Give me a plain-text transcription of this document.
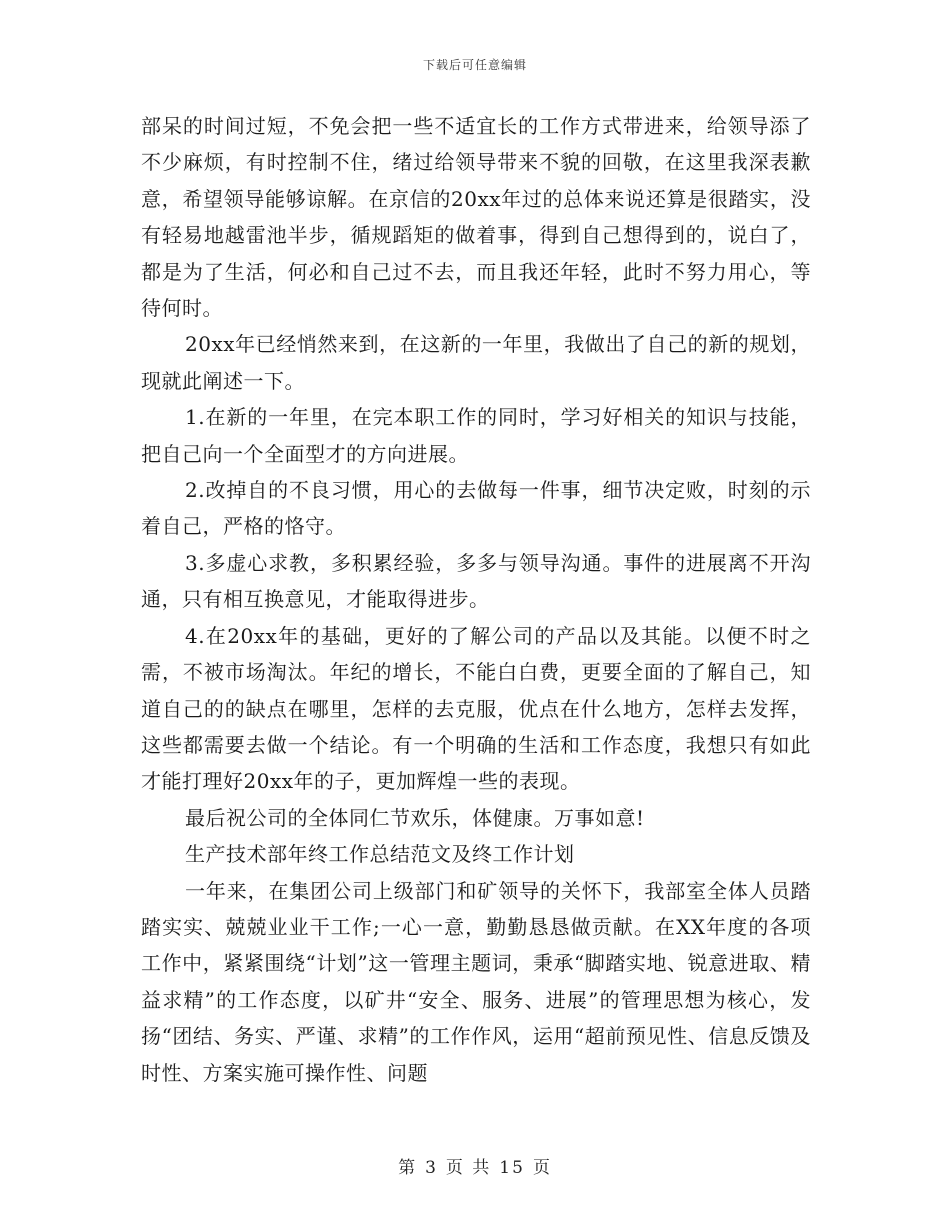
下载后可任意编辑

部呆的时间过短，不免会把一些不适宜长的工作方式带进来，给领导添了不少麻烦，有时控制不住，绪过给领导带来不貌的回敬，在这里我深表歉意，希望领导能够谅解。在京信的20xx年过的总体来说还算是很踏实，没有轻易地越雷池半步，循规蹈矩的做着事，得到自己想得到的，说白了，都是为了生活，何必和自己过不去，而且我还年轻，此时不努力用心，等待何时。

20xx年已经悄然来到，在这新的一年里，我做出了自己的新的规划，现就此阐述一下。

1.在新的一年里，在完本职工作的同时，学习好相关的知识与技能，把自己向一个全面型才的方向进展。

2.改掉自的不良习惯，用心的去做每一件事，细节决定败，时刻的示着自己，严格的恪守。

3.多虚心求教，多积累经验，多多与领导沟通。事件的进展离不开沟通，只有相互换意见，才能取得进步。

4.在20xx年的基础，更好的了解公司的产品以及其能。以便不时之需，不被市场淘汰。年纪的增长，不能白白费，更要全面的了解自己，知道自己的的缺点在哪里，怎样的去克服，优点在什么地方，怎样去发挥，这些都需要去做一个结论。有一个明确的生活和工作态度，我想只有如此才能打理好20xx年的子，更加辉煌一些的表现。

最后祝公司的全体同仁节欢乐，体健康。万事如意!

生产技术部年终工作总结范文及终工作计划

一年来，在集团公司上级部门和矿领导的关怀下，我部室全体人员踏踏实实、兢兢业业干工作;一心一意，勤勤恳恳做贡献。在XX年度的各项工作中，紧紧围绕“计划”这一管理主题词，秉承“脚踏实地、锐意进取、精益求精”的工作态度，以矿井“安全、服务、进展”的管理思想为核心，发扬“团结、务实、严谨、求精”的工作作风，运用“超前预见性、信息反馈及时性、方案实施可操作性、问题

第 3 页 共 15 页
